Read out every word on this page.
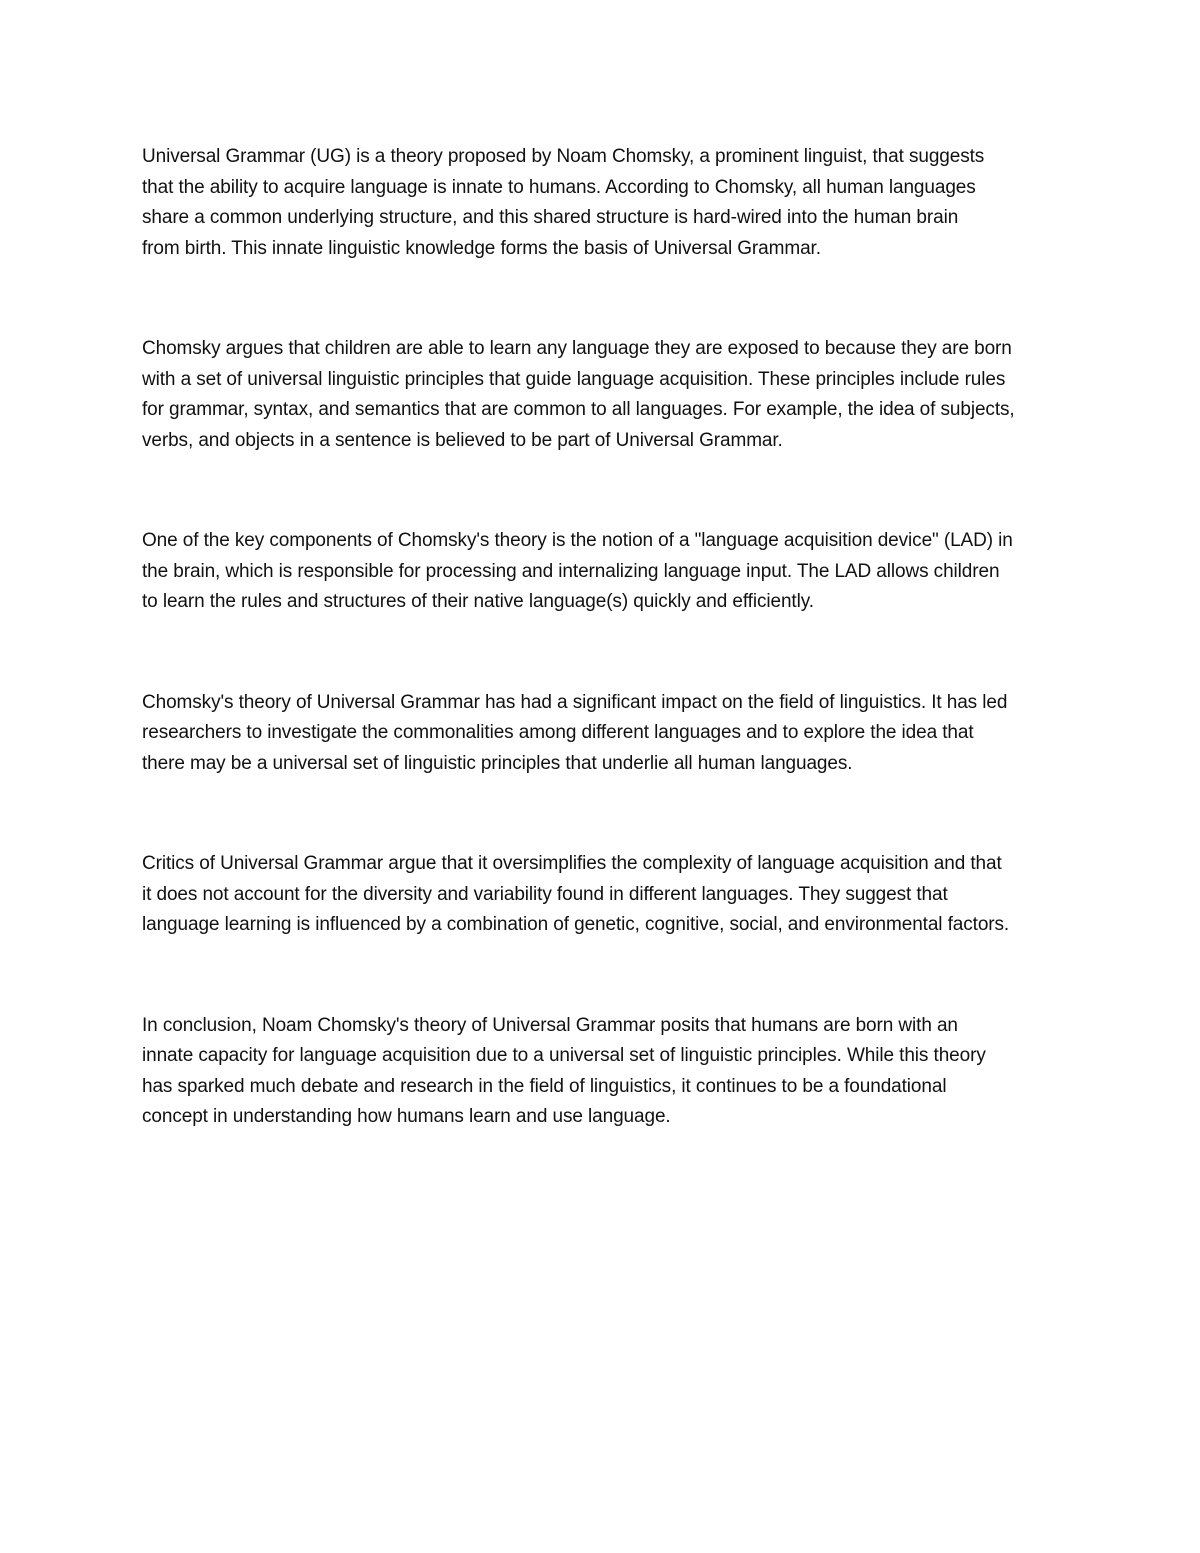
Universal Grammar (UG) is a theory proposed by Noam Chomsky, a prominent linguist, that suggests
that the ability to acquire language is innate to humans. According to Chomsky, all human languages
share a common underlying structure, and this shared structure is hard-wired into the human brain
from birth. This innate linguistic knowledge forms the basis of Universal Grammar.

Chomsky argues that children are able to learn any language they are exposed to because they are born
with a set of universal linguistic principles that guide language acquisition. These principles include rules
for grammar, syntax, and semantics that are common to all languages. For example, the idea of subjects,
verbs, and objects in a sentence is believed to be part of Universal Grammar.

One of the key components of Chomsky's theory is the notion of a "language acquisition device" (LAD) in
the brain, which is responsible for processing and internalizing language input. The LAD allows children
to learn the rules and structures of their native language(s) quickly and efficiently.

Chomsky's theory of Universal Grammar has had a significant impact on the field of linguistics. It has led
researchers to investigate the commonalities among different languages and to explore the idea that
there may be a universal set of linguistic principles that underlie all human languages.

Critics of Universal Grammar argue that it oversimplifies the complexity of language acquisition and that
it does not account for the diversity and variability found in different languages. They suggest that
language learning is influenced by a combination of genetic, cognitive, social, and environmental factors.

In conclusion, Noam Chomsky's theory of Universal Grammar posits that humans are born with an
innate capacity for language acquisition due to a universal set of linguistic principles. While this theory
has sparked much debate and research in the field of linguistics, it continues to be a foundational
concept in understanding how humans learn and use language.
